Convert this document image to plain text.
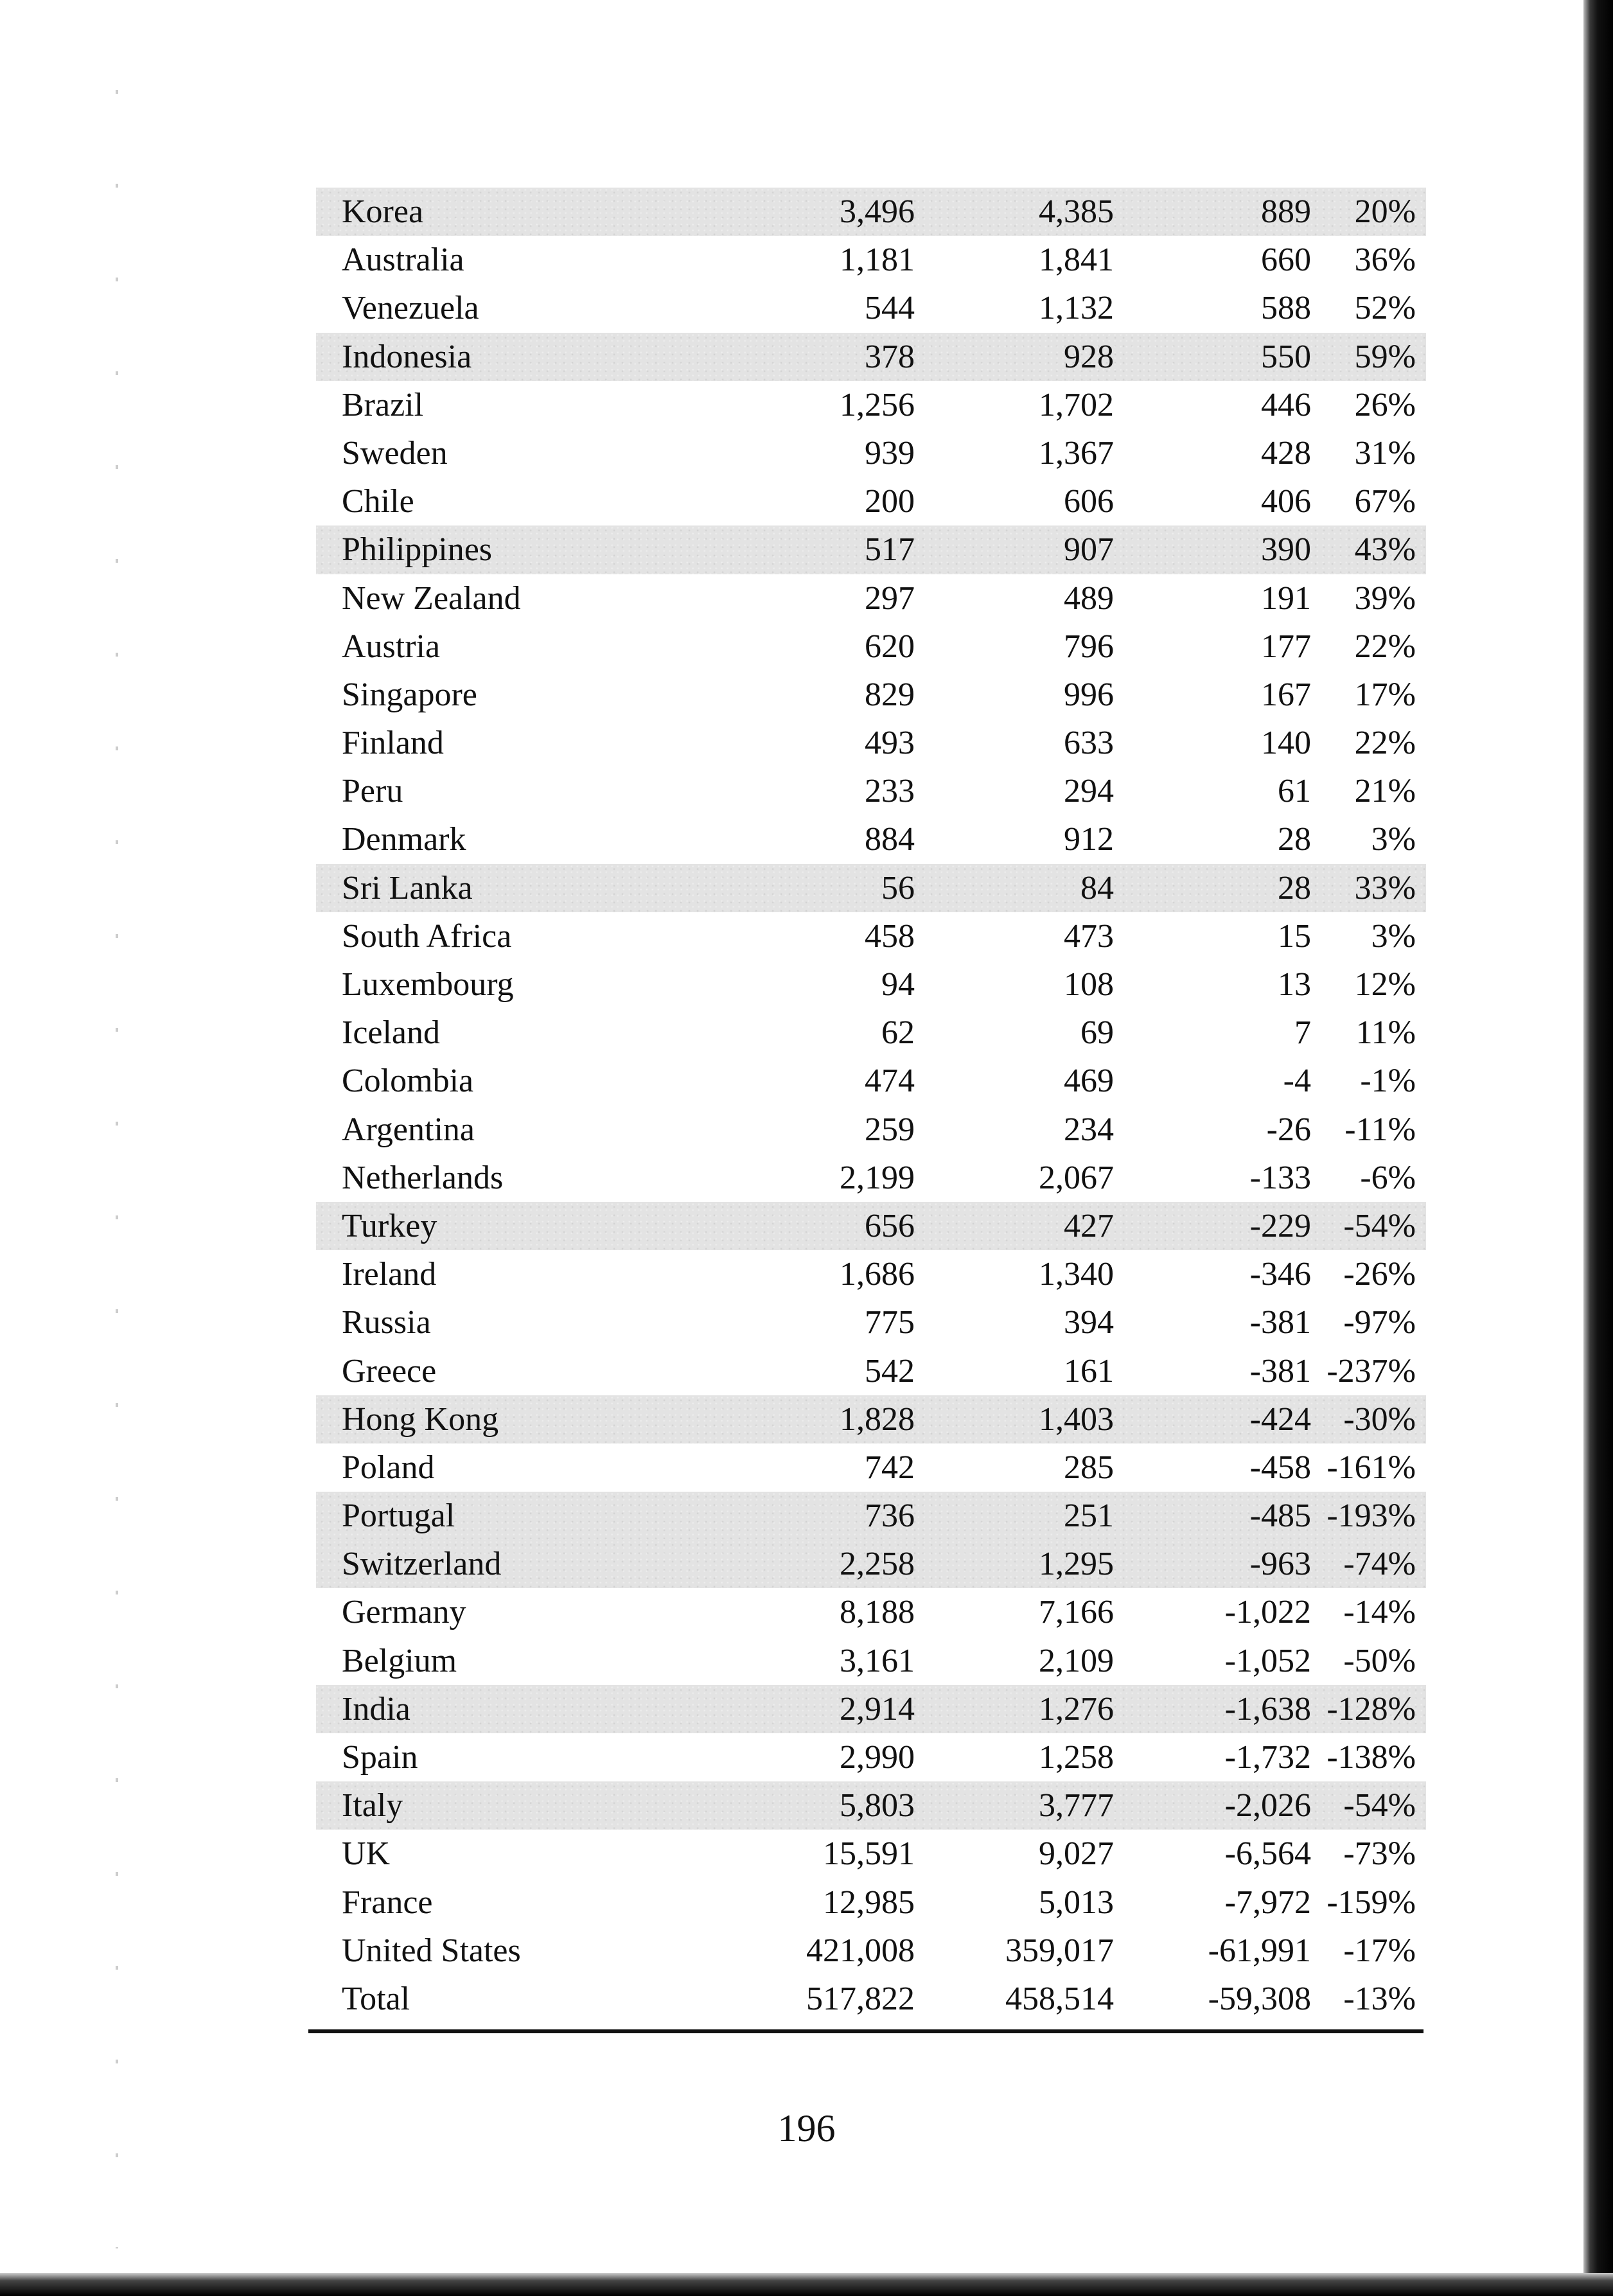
Korea	3,496	4,385	889 20%
Australia	1,181	1,841	660 36%
Venezuela	544	1,132	588 52%
Indonesia	378	928	550 59%
Brazil	1,256	1,702	446 26%
Sweden	939	1,367	428 31%
Chile	200	606	406 67%
Philippines	517	907	390 43%
New Zealand	297	489	191 39%
Austria	620	796	177 22%
Singapore	829	996	167 17%
Finland	493	633	140 22%
Peru	233	294	61 21%
Denmark	884	912	28 3%
Sri Lanka	56	84	28 33%
South Africa	458	473	15 3%
Luxembourg	94	108	13 12%
Iceland	62	69	7 11%
Colombia	474	469	-4 -1%
Argentina	259	234	-26 -11%
Netherlands	2,199	2,067	-133 -6%
Turkey	656	427	-229 -54%
Ireland	1,686	1,340	-346 -26%
Russia	775	394	-381 -97%
Greece	542	161	-381 -237%
Hong Kong	1,828	1,403	-424 -30%
Poland	742	285	-458 -161%
Portugal	736	251	-485 -193%
Switzerland	2,258	1,295	-963 -74%
Germany	8,188	7,166	-1,022 -14%
Belgium	3,161	2,109	-1,052 -50%
India	2,914	1,276	-1,638 -128%
Spain	2,990	1,258	-1,732 -138%
Italy	5,803	3,777	-2,026 -54%
UK	15,591	9,027	-6,564 -73%
France	12,985	5,013	-7,972 -159%
United States	421,008	359,017	-61,991 -17%
Total	517,822	458,514	-59,308 -13%
196
